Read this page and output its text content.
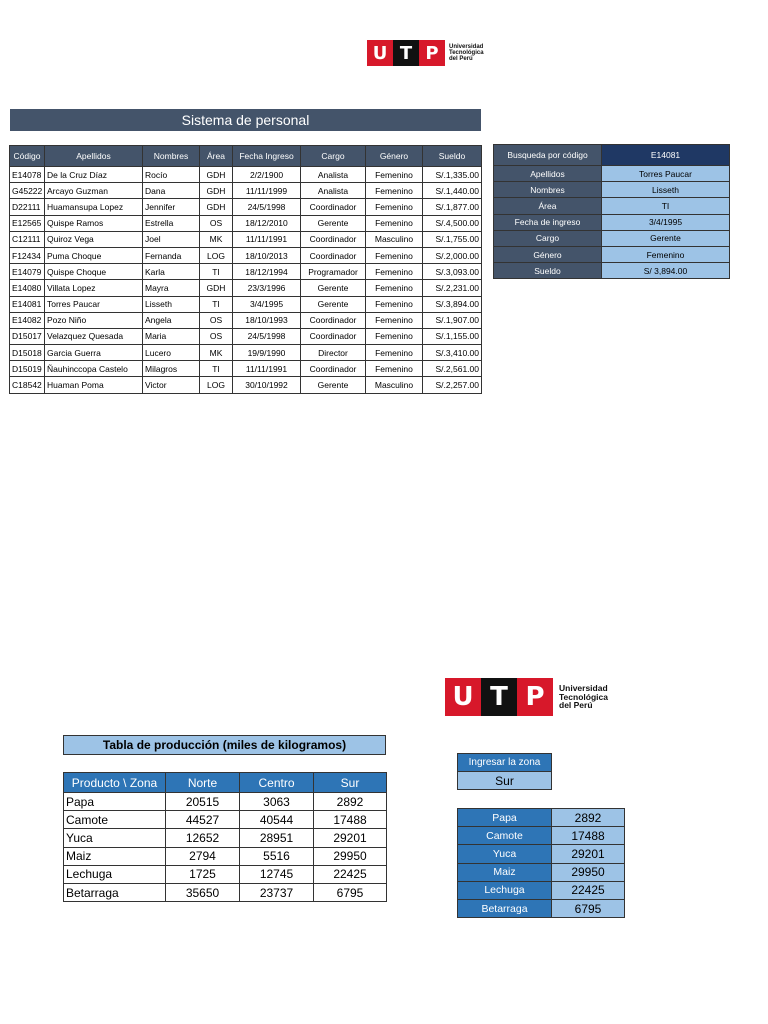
U T P	Universidad
Tecnológica
del Perú
Sistema de personal
Código	Apellidos	Nombres	Área	Fecha Ingreso	Cargo	Género	Sueldo
E14078	De la Cruz Díaz	Rocío	GDH	2/2/1900	Analista	Femenino	S/.1,335.00
G45222	Arcayo Guzman	Dana	GDH	11/11/1999	Analista	Femenino	S/.1,440.00
D22111	Huamansupa Lopez	Jennifer	GDH	24/5/1998	Coordinador	Femenino	S/.1,877.00
E12565	Quispe Ramos	Estrella	OS	18/12/2010	Gerente	Femenino	S/.4,500.00
C12111	Quiroz Vega	Joel	MK	11/11/1991	Coordinador	Masculino	S/.1,755.00
F12434	Puma Choque	Fernanda	LOG	18/10/2013	Coordinador	Femenino	S/.2,000.00
E14079	Quispe Choque	Karla	TI	18/12/1994	Programador	Femenino	S/.3,093.00
E14080	Villata Lopez	Mayra	GDH	23/3/1996	Gerente	Femenino	S/.2,231.00
E14081	Torres Paucar	Lisseth	TI	3/4/1995	Gerente	Femenino	S/.3,894.00
E14082	Pozo Niño	Angela	OS	18/10/1993	Coordinador	Femenino	S/.1,907.00
D15017	Velazquez Quesada	Maria	OS	24/5/1998	Coordinador	Femenino	S/.1,155.00
D15018	Garcia Guerra	Lucero	MK	19/9/1990	Director	Femenino	S/.3,410.00
D15019	Ñauhinccopa Castelo	Milagros	TI	11/11/1991	Coordinador	Femenino	S/.2,561.00
C18542	Huaman Poma	Victor	LOG	30/10/1992	Gerente	Masculino	S/.2,257.00
Busqueda por código	E14081
Apellidos	Torres Paucar
Nombres	Lisseth
Área	TI
Fecha de ingreso	3/4/1995
Cargo	Gerente
Género	Femenino
Sueldo	S/ 3,894.00
U T P	Universidad
Tecnológica
del Perú
Tabla de producción (miles de kilogramos)
Producto \ Zona	Norte	Centro	Sur
Papa	20515	3063	2892
Camote	44527	40544	17488
Yuca	12652	28951	29201
Maiz	2794	5516	29950
Lechuga	1725	12745	22425
Betarraga	35650	23737	6795
Ingresar la zona
Sur
Papa	2892
Camote	17488
Yuca	29201
Maiz	29950
Lechuga	22425
Betarraga	6795
